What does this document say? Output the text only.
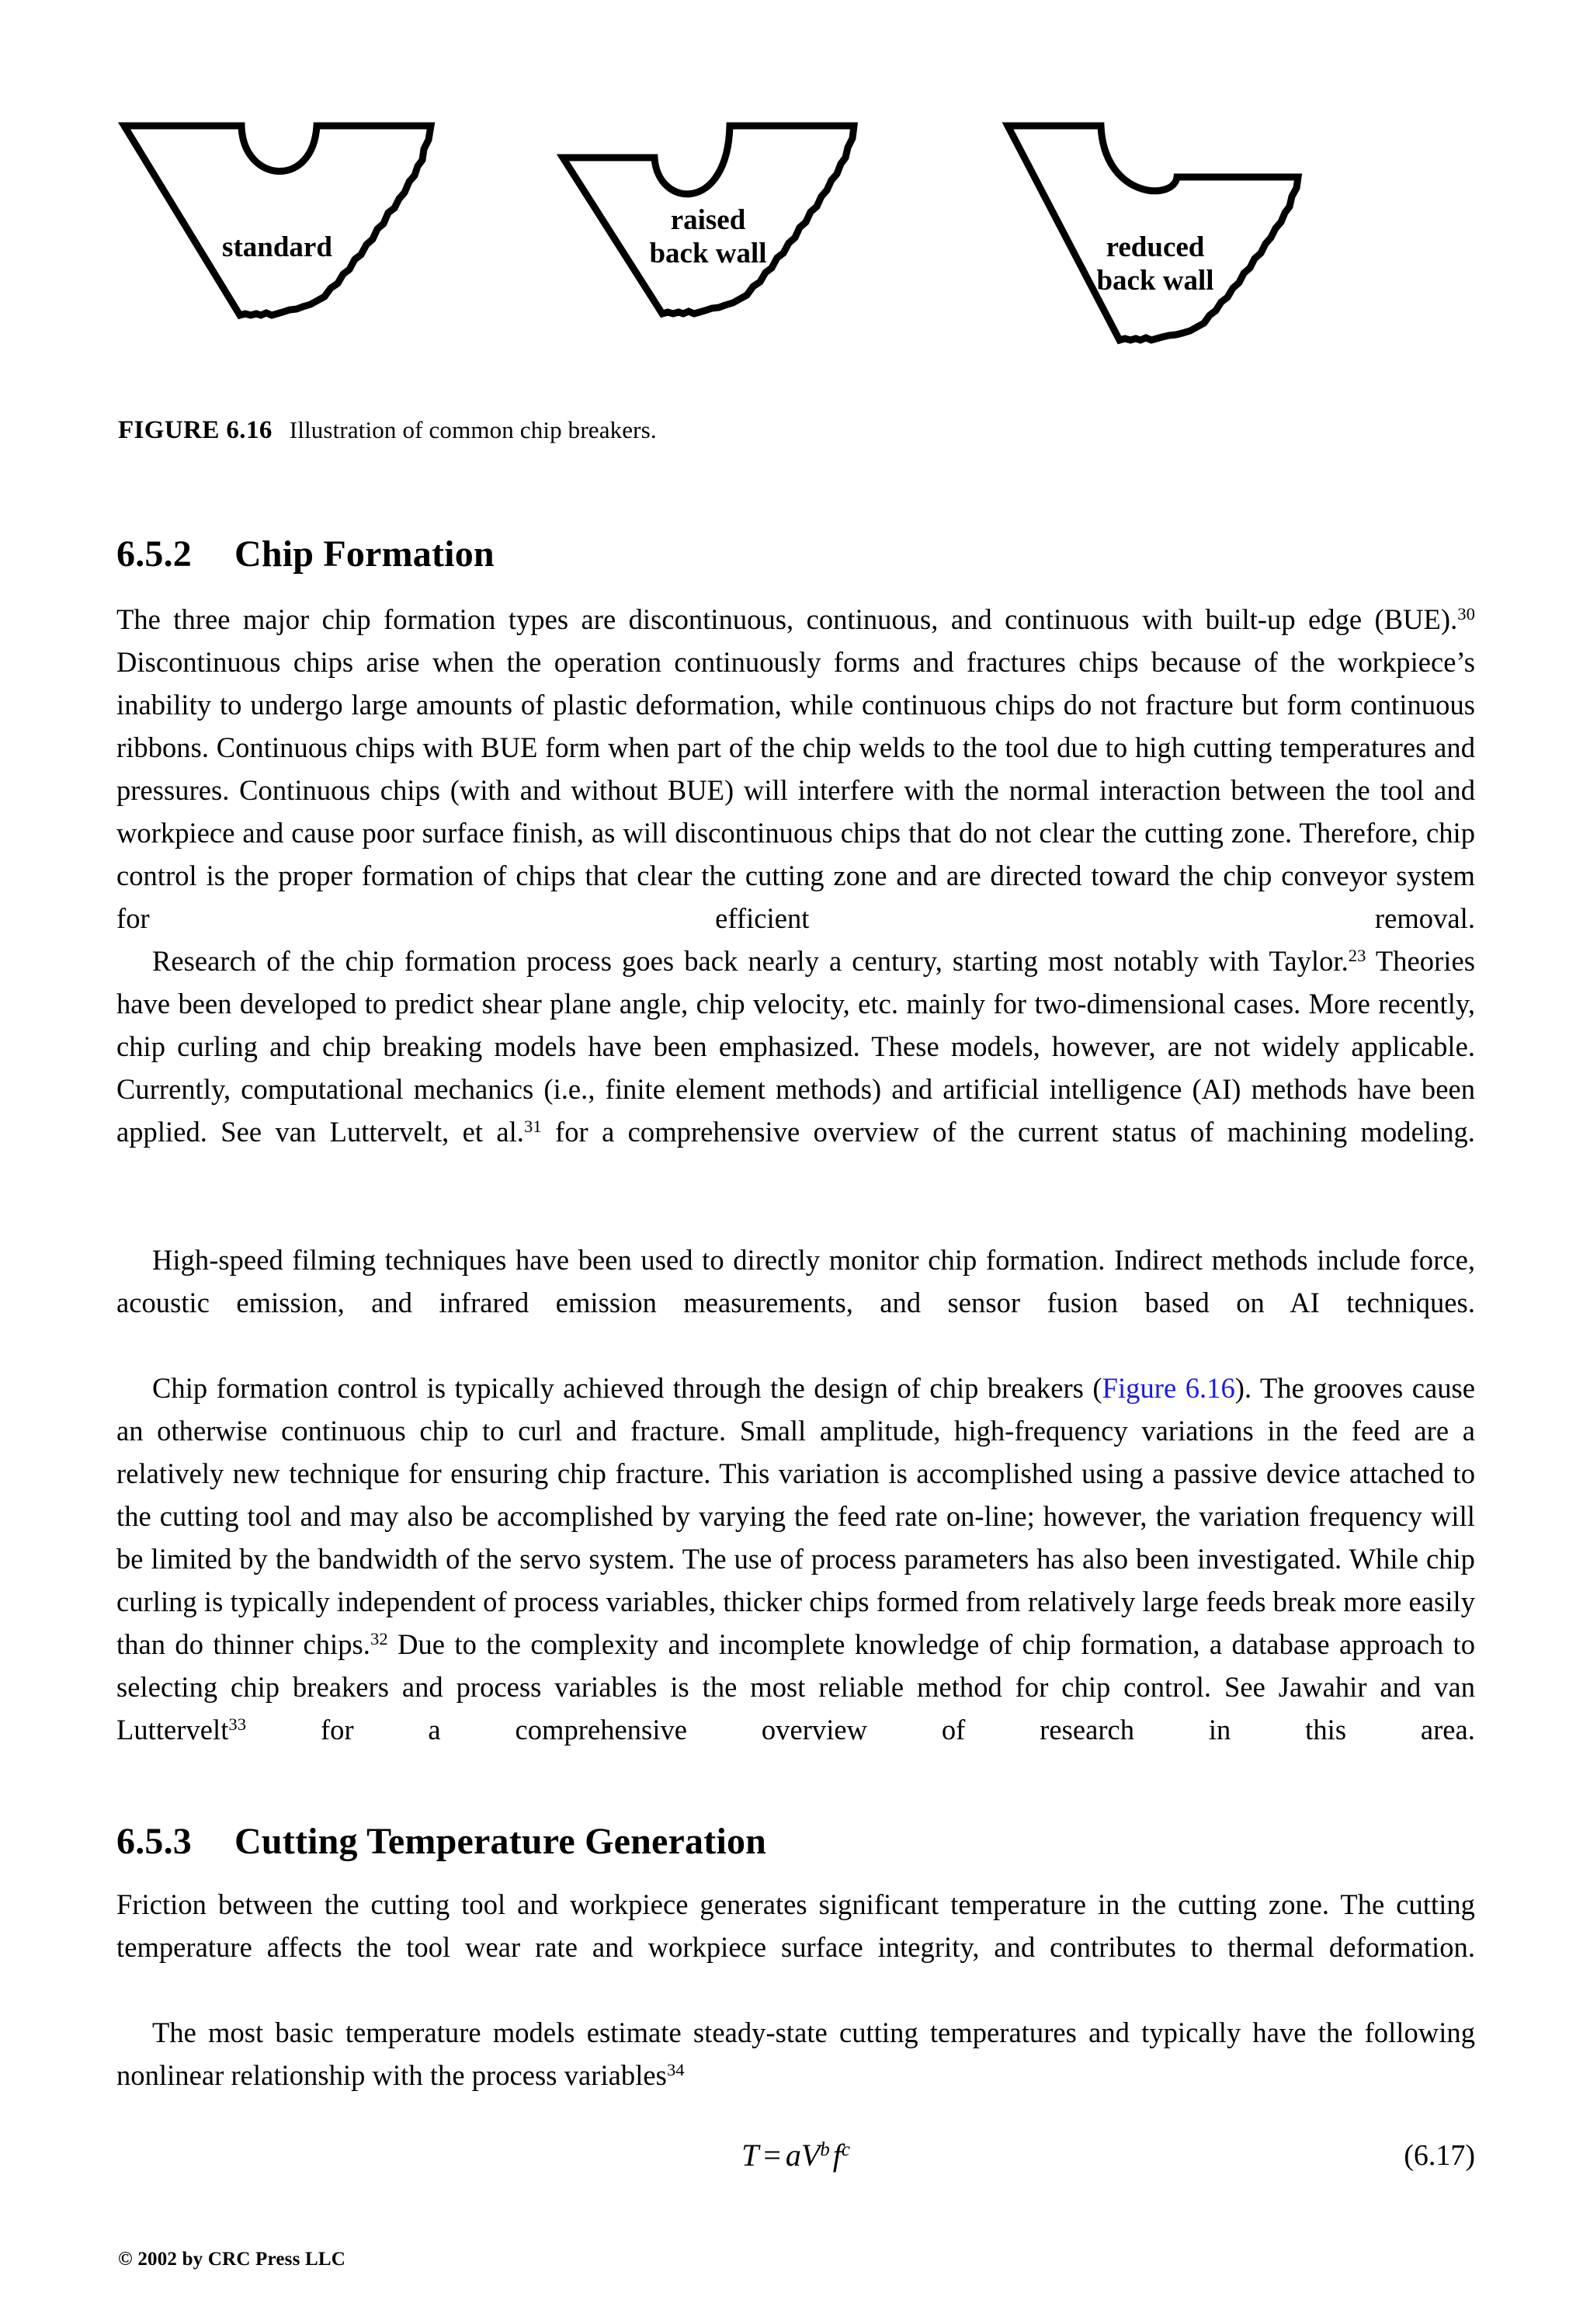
standard
raised
back wall	reduced
back wall
FIGURE 6.16 Illustration of common chip breakers.
6.5.2 Chip Formation
The three major chip formation types are discontinuous, continuous, and continuous with built-up edge (BUE).$^{30}$ Discontinuous chips arise when the operation continuously forms and fractures chips because of the workpiece’s inability to undergo large amounts of plastic deformation, while continuous chips do not fracture but form continuous ribbons. Continuous chips with BUE form when part of the chip welds to the tool due to high cutting temperatures and pressures. Continuous chips (with and without BUE) will interfere with the normal interaction between the tool and workpiece and cause poor surface finish, as will discontinuous chips that do not clear the cutting zone. Therefore, chip control is the proper formation of chips that clear the cutting zone and are directed toward the chip conveyor system for efficient removal.
Research of the chip formation process goes back nearly a century, starting most notably with Taylor.$^{23}$ Theories have been developed to predict shear plane angle, chip velocity, etc. mainly for two-dimensional cases. More recently, chip curling and chip breaking models have been emphasized. These models, however, are not widely applicable. Currently, computational mechanics (i.e., finite element methods) and artificial intelligence (AI) methods have been applied. See van Luttervelt, et al.$^{31}$ for a comprehensive overview of the current status of machining modeling.
High-speed filming techniques have been used to directly monitor chip formation. Indirect methods include force, acoustic emission, and infrared emission measurements, and sensor fusion based on AI techniques.
Chip formation control is typically achieved through the design of chip breakers (Figure 6.16). The grooves cause an otherwise continuous chip to curl and fracture. Small amplitude, high-frequency variations in the feed are a relatively new technique for ensuring chip fracture. This variation is accomplished using a passive device attached to the cutting tool and may also be accomplished by varying the feed rate on-line; however, the variation frequency will be limited by the bandwidth of the servo system. The use of process parameters has also been investigated. While chip curling is typically independent of process variables, thicker chips formed from relatively large feeds break more easily than do thinner chips.$^{32}$ Due to the complexity and incomplete knowledge of chip formation, a database approach to selecting chip breakers and process variables is the most reliable method for chip control. See Jawahir and van Luttervelt$^{33}$ for a comprehensive overview of research in this area.
6.5.3 Cutting Temperature Generation
Friction between the cutting tool and workpiece generates significant temperature in the cutting zone. The cutting temperature affects the tool wear rate and workpiece surface integrity, and contributes to thermal deformation.
The most basic temperature models estimate steady-state cutting temperatures and typically have the following nonlinear relationship with the process variables$^{34}$
$T = aV^b$ $f^c$	(6.17)
© 2002 by CRC Press LLC
